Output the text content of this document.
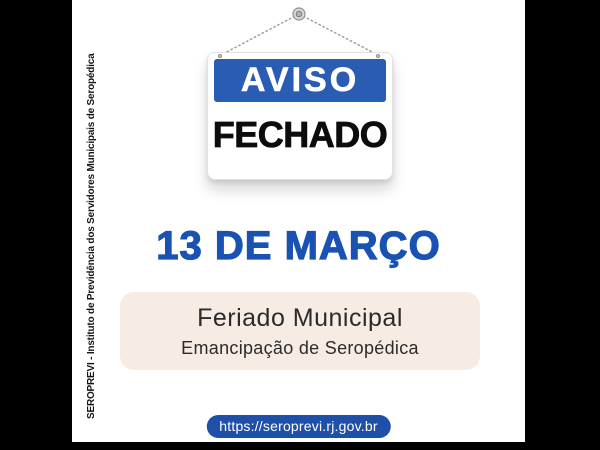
SEROPREVI - Instituto de Previdência dos Servidores Municipais de Seropédica	AVISO
FECHADO
13 DE MARÇO
Feriado Municipal
Emancipação de Seropédica
https://seroprevi.rj.gov.br
